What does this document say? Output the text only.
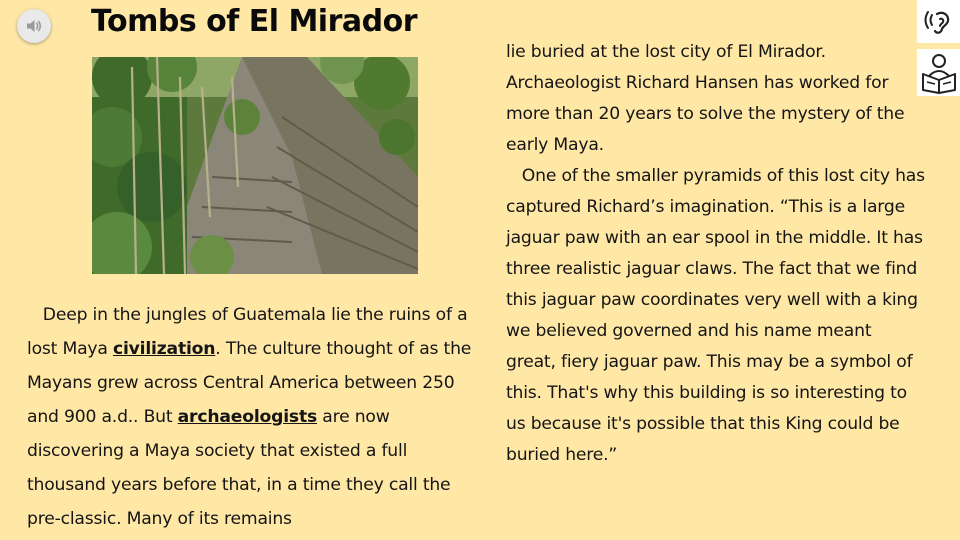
Tombs of El Mirador

Deep in the jungles of Guatemala lie the ruins of a lost Maya civilization. The culture thought of as the Mayans grew across Central America between 250 and 900 a.d.. But archaeologists are now discovering a Maya society that existed a full thousand years before that, in a time they call the pre-classic. Many of its remains

lie buried at the lost city of El Mirador. Archaeologist Richard Hansen has worked for more than 20 years to solve the mystery of the early Maya.
One of the smaller pyramids of this lost city has captured Richard’s imagination. “This is a large jaguar paw with an ear spool in the middle. It has three realistic jaguar claws. The fact that we find this jaguar paw coordinates very well with a king we believed governed and his name meant great, fiery jaguar paw. This may be a symbol of this. That's why this building is so interesting to us because it's possible that this King could be buried here.”
